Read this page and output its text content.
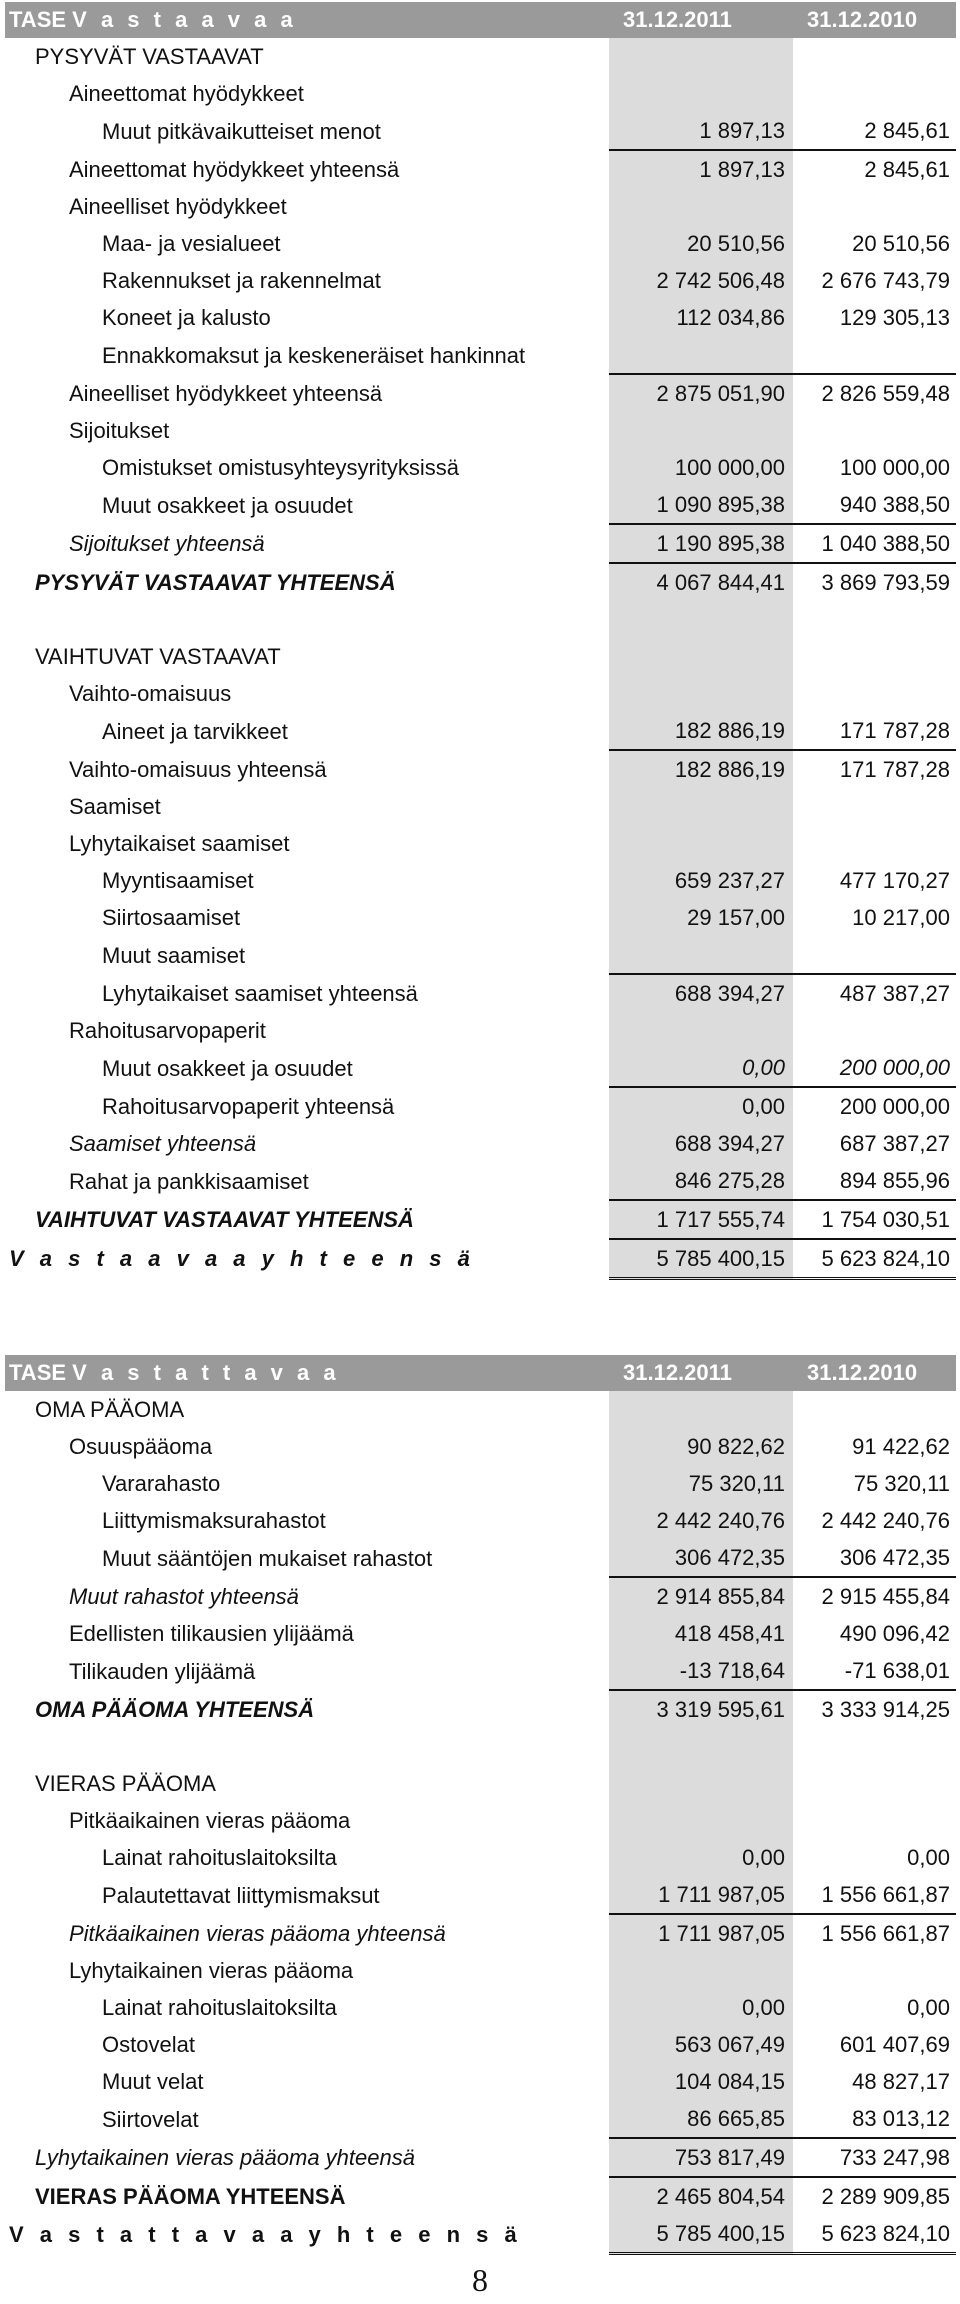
TASE V a s t a a v a a	31.12.2011	31.12.2010
PYSYVÄT VASTAAVAT		
Aineettomat hyödykkeet		
Muut pitkävaikutteiset menot	1 897,13	2 845,61
Aineettomat hyödykkeet yhteensä	1 897,13	2 845,61
Aineelliset hyödykkeet		
Maa- ja vesialueet	20 510,56	20 510,56
Rakennukset ja rakennelmat	2 742 506,48	2 676 743,79
Koneet ja kalusto	112 034,86	129 305,13
Ennakkomaksut ja keskeneräiset hankinnat		
Aineelliset hyödykkeet yhteensä	2 875 051,90	2 826 559,48
Sijoitukset		
Omistukset omistusyhteysyrityksissä	100 000,00	100 000,00
Muut osakkeet ja osuudet	1 090 895,38	940 388,50
Sijoitukset yhteensä	1 190 895,38	1 040 388,50
PYSYVÄT VASTAAVAT YHTEENSÄ	4 067 844,41	3 869 793,59

VAIHTUVAT VASTAAVAT		
Vaihto-omaisuus		
Aineet ja tarvikkeet	182 886,19	171 787,28
Vaihto-omaisuus yhteensä	182 886,19	171 787,28
Saamiset		
Lyhytaikaiset saamiset		
Myyntisaamiset	659 237,27	477 170,27
Siirtosaamiset	29 157,00	10 217,00
Muut saamiset		
Lyhytaikaiset saamiset yhteensä	688 394,27	487 387,27
Rahoitusarvopaperit		
Muut osakkeet ja osuudet	0,00	200 000,00
Rahoitusarvopaperit yhteensä	0,00	200 000,00
Saamiset yhteensä	688 394,27	687 387,27
Rahat ja pankkisaamiset	846 275,28	894 855,96
VAIHTUVAT VASTAAVAT YHTEENSÄ	1 717 555,74	1 754 030,51
V a s t a a v a a y h t e e n s ä	5 785 400,15	5 623 824,10
TASE V a s t a t t a v a a	31.12.2011	31.12.2010
OMA PÄÄOMA		
Osuuspääoma	90 822,62	91 422,62
Vararahasto	75 320,11	75 320,11
Liittymismaksurahastot	2 442 240,76	2 442 240,76
Muut sääntöjen mukaiset rahastot	306 472,35	306 472,35
Muut rahastot yhteensä	2 914 855,84	2 915 455,84
Edellisten tilikausien ylijäämä	418 458,41	490 096,42
Tilikauden ylijäämä	-13 718,64	-71 638,01
OMA PÄÄOMA YHTEENSÄ	3 319 595,61	3 333 914,25

VIERAS PÄÄOMA		
Pitkäaikainen vieras pääoma		
Lainat rahoituslaitoksilta	0,00	0,00
Palautettavat liittymismaksut	1 711 987,05	1 556 661,87
Pitkäaikainen vieras pääoma yhteensä	1 711 987,05	1 556 661,87
Lyhytaikainen vieras pääoma		
Lainat rahoituslaitoksilta	0,00	0,00
Ostovelat	563 067,49	601 407,69
Muut velat	104 084,15	48 827,17
Siirtovelat	86 665,85	83 013,12
Lyhytaikainen vieras pääoma yhteensä	753 817,49	733 247,98
VIERAS PÄÄOMA YHTEENSÄ	2 465 804,54	2 289 909,85
V a s t a t t a v a a y h t e e n s ä	5 785 400,15	5 623 824,10
8
